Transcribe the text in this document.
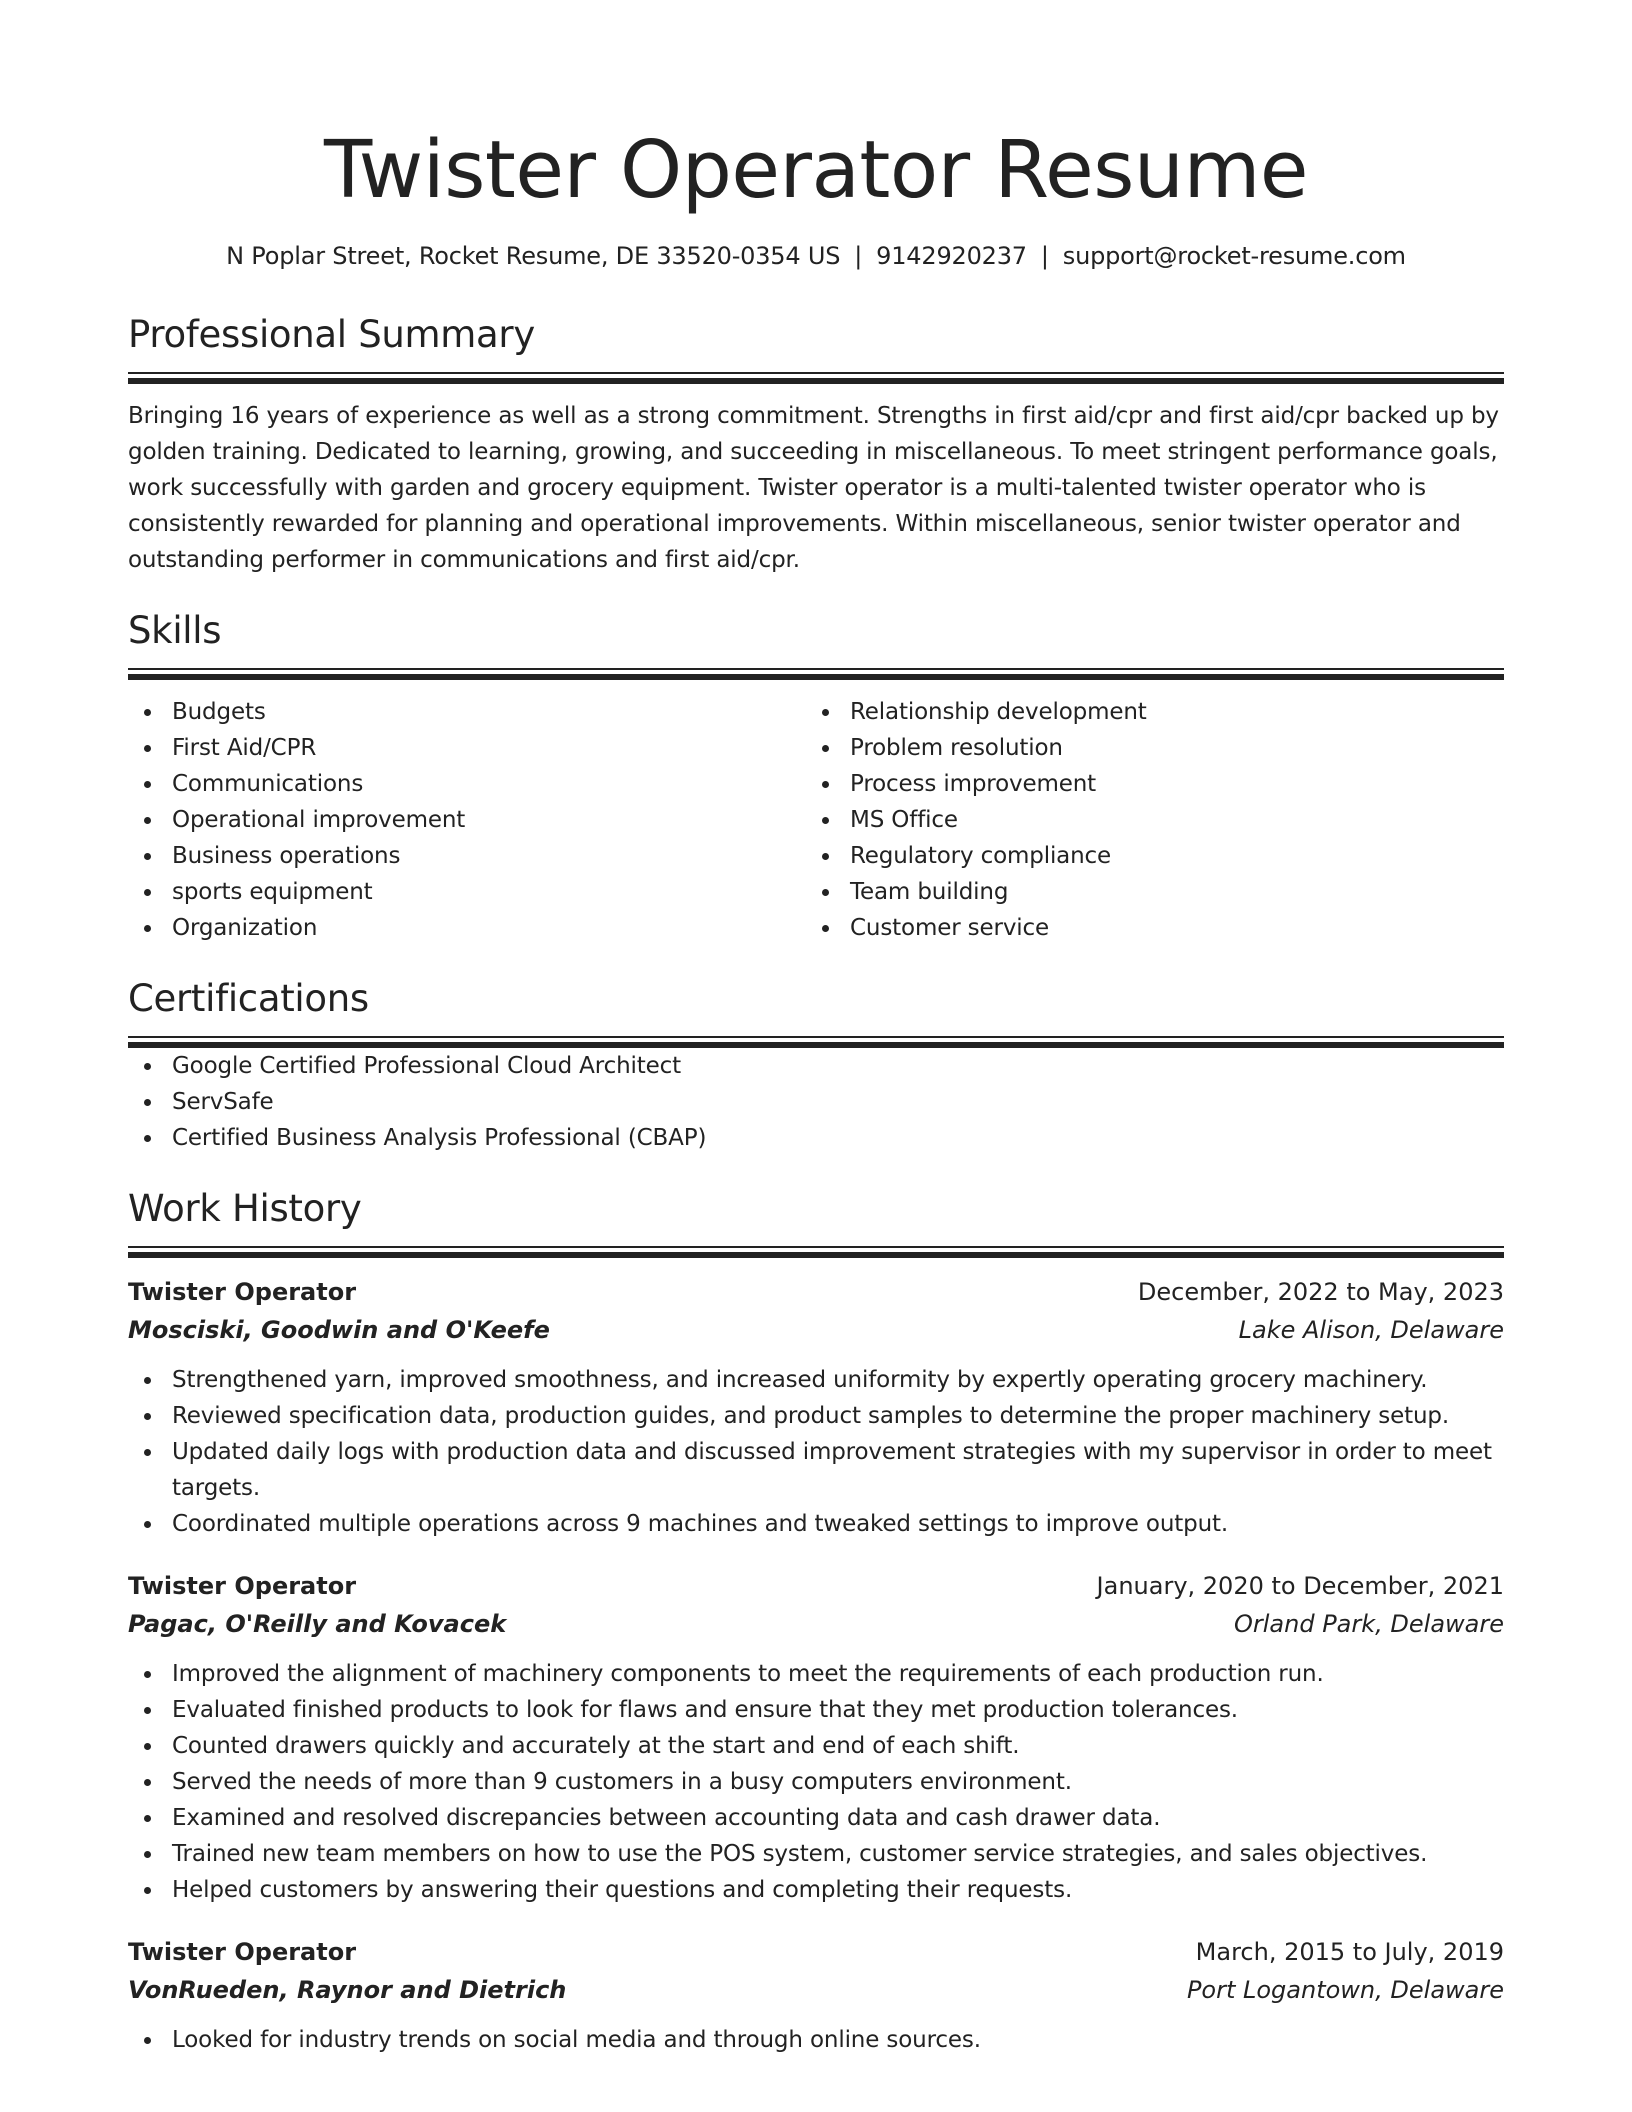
Twister Operator Resume
N Poplar Street, Rocket Resume, DE 33520-0354 US | 9142920237 | support@rocket-resume.com
Professional Summary

Bringing 16 years of experience as well as a strong commitment. Strengths in first aid/cpr and first aid/cpr backed up by golden training. Dedicated to learning, growing, and succeeding in miscellaneous. To meet stringent performance goals, work successfully with garden and grocery equipment. Twister operator is a multi-talented twister operator who is consistently rewarded for planning and operational improvements. Within miscellaneous, senior twister operator and outstanding performer in communications and first aid/cpr.

Skills
Budgets
First Aid/CPR
Communications
Operational improvement
Business operations
sports equipment
Organization
Relationship development
Problem resolution
Process improvement
MS Office
Regulatory compliance
Team building
Customer service
Certifications
Google Certified Professional Cloud Architect
ServSafe
Certified Business Analysis Professional (CBAP)
Work History
Twister Operator	December, 2022 to May, 2023
Mosciski, Goodwin and O'Keefe	Lake Alison, Delaware
Strengthened yarn, improved smoothness, and increased uniformity by expertly operating grocery machinery.
Reviewed specification data, production guides, and product samples to determine the proper machinery setup.
Updated daily logs with production data and discussed improvement strategies with my supervisor in order to meet targets.
Coordinated multiple operations across 9 machines and tweaked settings to improve output.
Twister Operator	January, 2020 to December, 2021
Pagac, O'Reilly and Kovacek	Orland Park, Delaware
Improved the alignment of machinery components to meet the requirements of each production run.
Evaluated finished products to look for flaws and ensure that they met production tolerances.
Counted drawers quickly and accurately at the start and end of each shift.
Served the needs of more than 9 customers in a busy computers environment.
Examined and resolved discrepancies between accounting data and cash drawer data.
Trained new team members on how to use the POS system, customer service strategies, and sales objectives.
Helped customers by answering their questions and completing their requests.
Twister Operator	March, 2015 to July, 2019
VonRueden, Raynor and Dietrich	Port Logantown, Delaware
Looked for industry trends on social media and through online sources.
